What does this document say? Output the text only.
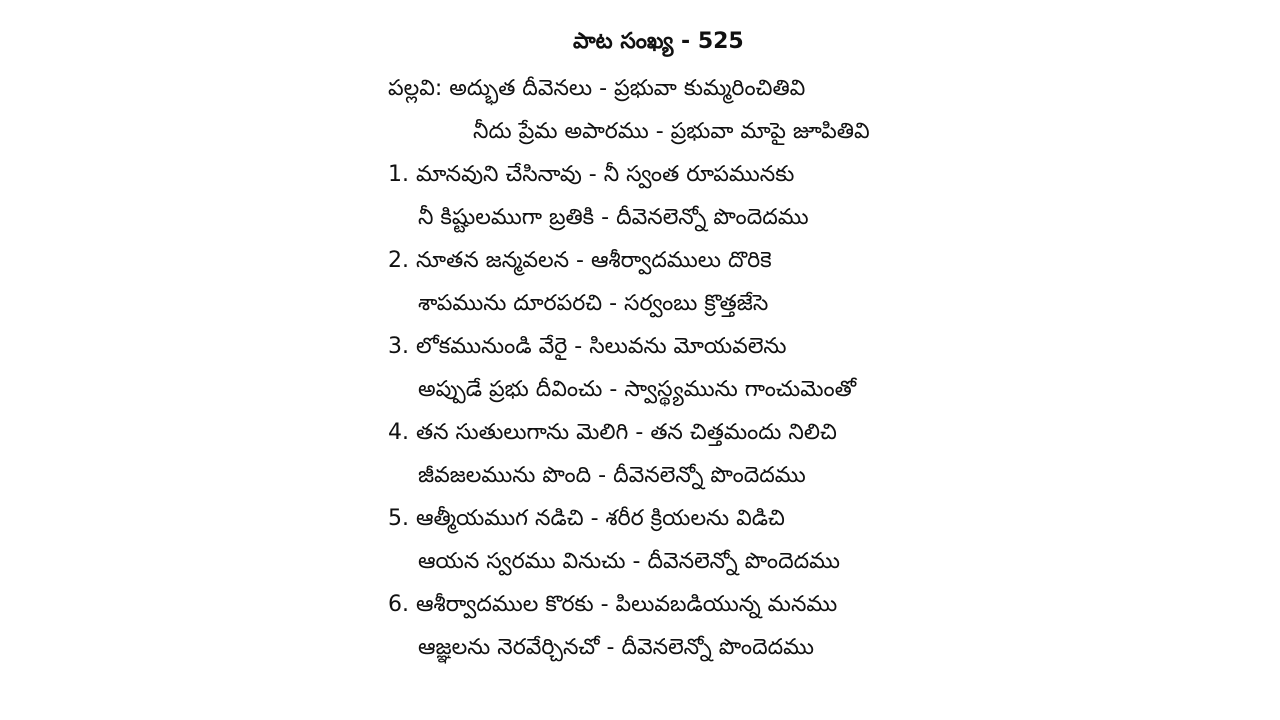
పాట సంఖ్య - 525
పల్లవి: అద్భుత దీవెనలు - ప్రభువా కుమ్మరించితివి
నీదు ప్రేమ అపారము - ప్రభువా మాపై జూపితివి
1. మానవుని చేసినావు - నీ స్వంత రూపమునకు
నీ కిష్టులముగా బ్రతికి - దీవెనలెన్నో పొందెదము
2. నూతన జన్మవలన - ఆశీర్వాదములు దొరికె
శాపమును దూరపరచి - సర్వంబు క్రొత్తజేసె
3. లోకమునుండి వేరై - సిలువను మోయవలెను
అప్పుడే ప్రభు దీవించు - స్వాస్థ్యమును గాంచుమెంతో
4. తన సుతులుగాను మెలిగి - తన చిత్తమందు నిలిచి
జీవజలమును పొంది - దీవెనలెన్నో పొందెదము
5. ఆత్మీయముగ నడిచి - శరీర క్రియలను విడిచి
ఆయన స్వరము వినుచు - దీవెనలెన్నో పొందెదము
6. ఆశీర్వాదముల కొరకు - పిలువబడియున్న మనము
ఆజ్ఞలను నెరవేర్చినచో - దీవెనలెన్నో పొందెదము
